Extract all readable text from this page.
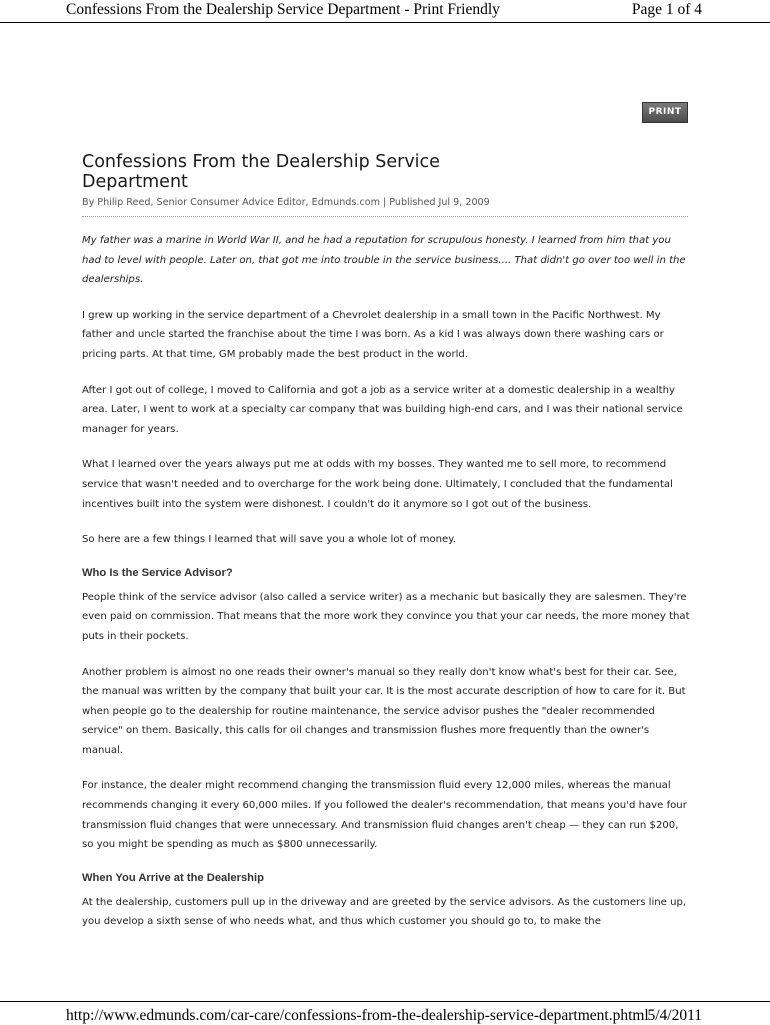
Confessions From the Dealership Service Department - Print Friendly	Page 1 of 4
PRINT
Confessions From the Dealership Service Department
By Philip Reed, Senior Consumer Advice Editor, Edmunds.com | Published Jul 9, 2009

My father was a marine in World War II, and he had a reputation for scrupulous honesty. I learned from him that you had to level with people. Later on, that got me into trouble in the service business.... That didn't go over too well in the dealerships.

I grew up working in the service department of a Chevrolet dealership in a small town in the Pacific Northwest. My father and uncle started the franchise about the time I was born. As a kid I was always down there washing cars or pricing parts. At that time, GM probably made the best product in the world.

After I got out of college, I moved to California and got a job as a service writer at a domestic dealership in a wealthy area. Later, I went to work at a specialty car company that was building high-end cars, and I was their national service manager for years.

What I learned over the years always put me at odds with my bosses. They wanted me to sell more, to recommend service that wasn't needed and to overcharge for the work being done. Ultimately, I concluded that the fundamental incentives built into the system were dishonest. I couldn't do it anymore so I got out of the business.

So here are a few things I learned that will save you a whole lot of money.

Who Is the Service Advisor?

People think of the service advisor (also called a service writer) as a mechanic but basically they are salesmen. They're even paid on commission. That means that the more work they convince you that your car needs, the more money that puts in their pockets.

Another problem is almost no one reads their owner's manual so they really don't know what's best for their car. See, the manual was written by the company that built your car. It is the most accurate description of how to care for it. But when people go to the dealership for routine maintenance, the service advisor pushes the "dealer recommended service" on them. Basically, this calls for oil changes and transmission flushes more frequently than the owner's manual.

For instance, the dealer might recommend changing the transmission fluid every 12,000 miles, whereas the manual recommends changing it every 60,000 miles. If you followed the dealer's recommendation, that means you'd have four transmission fluid changes that were unnecessary. And transmission fluid changes aren't cheap — they can run $200, so you might be spending as much as $800 unnecessarily.

When You Arrive at the Dealership

At the dealership, customers pull up in the driveway and are greeted by the service advisors. As the customers line up, you develop a sixth sense of who needs what, and thus which customer you should go to, to make the

http://www.edmunds.com/car-care/confessions-from-the-dealership-service-department.phtml
5/4/2011
